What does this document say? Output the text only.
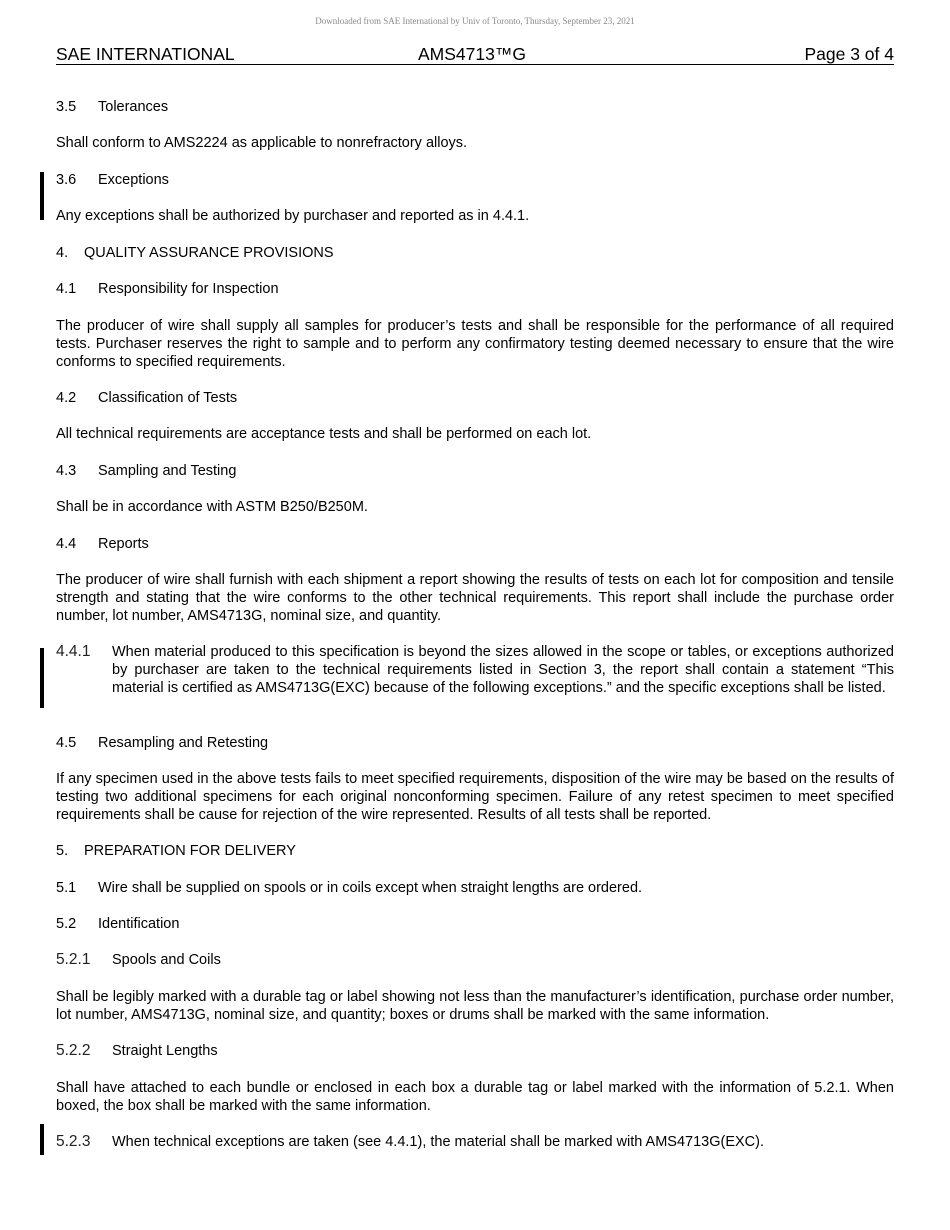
Downloaded from SAE International by Univ of Toronto, Thursday, September 23, 2021
SAE INTERNATIONAL	AMS4713™G	Page 3 of 4
3.5 Tolerances
Shall conform to AMS2224 as applicable to nonrefractory alloys.
3.6 Exceptions
Any exceptions shall be authorized by purchaser and reported as in 4.4.1.
4. QUALITY ASSURANCE PROVISIONS
4.1 Responsibility for Inspection
The producer of wire shall supply all samples for producer’s tests and shall be responsible for the performance of all required tests. Purchaser reserves the right to sample and to perform any confirmatory testing deemed necessary to ensure that the wire conforms to specified requirements.
4.2 Classification of Tests
All technical requirements are acceptance tests and shall be performed on each lot.
4.3 Sampling and Testing
Shall be in accordance with ASTM B250/B250M.
4.4 Reports
The producer of wire shall furnish with each shipment a report showing the results of tests on each lot for composition and tensile strength and stating that the wire conforms to the other technical requirements. This report shall include the purchase order number, lot number, AMS4713G, nominal size, and quantity.
4.4.1 When material produced to this specification is beyond the sizes allowed in the scope or tables, or exceptions authorized by purchaser are taken to the technical requirements listed in Section 3, the report shall contain a statement “This material is certified as AMS4713G(EXC) because of the following exceptions.” and the specific exceptions shall be listed.
4.5 Resampling and Retesting
If any specimen used in the above tests fails to meet specified requirements, disposition of the wire may be based on the results of testing two additional specimens for each original nonconforming specimen. Failure of any retest specimen to meet specified requirements shall be cause for rejection of the wire represented. Results of all tests shall be reported.
5. PREPARATION FOR DELIVERY
5.1 Wire shall be supplied on spools or in coils except when straight lengths are ordered.
5.2 Identification
5.2.1 Spools and Coils
Shall be legibly marked with a durable tag or label showing not less than the manufacturer’s identification, purchase order number, lot number, AMS4713G, nominal size, and quantity; boxes or drums shall be marked with the same information.
5.2.2 Straight Lengths
Shall have attached to each bundle or enclosed in each box a durable tag or label marked with the information of 5.2.1. When boxed, the box shall be marked with the same information.
5.2.3 When technical exceptions are taken (see 4.4.1), the material shall be marked with AMS4713G(EXC).
